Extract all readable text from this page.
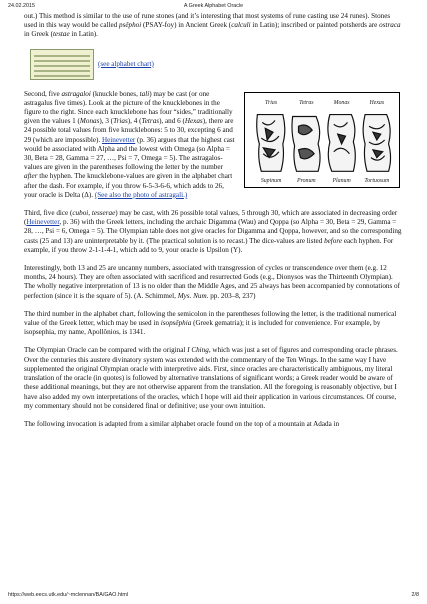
24.02.2015	A Greek Alphabet Oracle

out.) This method is similar to the use of rune stones (and it’s interesting that most systems of rune casting use 24 runes). Stones used in this way would be called psêphoi (PSAY-foy) in Ancient Greek (calculi in Latin); inscribed or painted potsherds are ostraca in Greek (testae in Latin).

(see alphabet chart)
Trias	Tetras	Monas	Hexas
Supinum	Pronum	Planum Tortuosum

Second, five astragaloi (knuckle bones, tali) may be cast (or one astragalus five times). Look at the picture of the knucklebones in the figure to the right. Since each knucklebone has four “sides,” traditionally given the values 1 (Monas), 3 (Trias), 4 (Tetras), and 6 (Hexas), there are 24 possible total values from five knucklebones: 5 to 30, excepting 6 and 29 (which are impossible). Heinevetter (p. 36) argues that the highest cast would be associated with Alpha and the lowest with Omega (so Alpha = 30, Beta = 28, Gamma = 27, …, Psi = 7, Omega = 5). The astragalos-values are given in the parentheses following the letter by the number after the hyphen. The knucklebone-values are given in the alphabet chart after the dash. For example, if you throw 6-5-3-6-6, which adds to 26, your oracle is Delta (Δ). (See also the photo of astragali.)

Third, five dice (cuboi, tesserae) may be cast, with 26 possible total values, 5 through 30, which are associated in decreasing order (Heinevetter, p. 36) with the Greek letters, including the archaic Digamma (Wau) and Qoppa (so Alpha = 30, Beta = 29, Gamma = 28, …, Psi = 6, Omega = 5). The Olympian table does not give oracles for Digamma and Qoppa, however, and so the corresponding casts (25 and 13) are uninterpretable by it. (The practical solution is to recast.) The dice-values are listed before each hyphen. For example, if you throw 2-1-1-4-1, which add to 9, your oracle is Upsilon (Υ).

Interestingly, both 13 and 25 are uncanny numbers, associated with transgression of cycles or transcendence over them (e.g. 12 months, 24 hours). They are often associated with sacrificed and resurrected Gods (e.g., Dionysos was the Thirteenth Olympian). The wholly negative interpretation of 13 is no older than the Middle Ages, and 25 always has been accompanied by connotations of perfection (since it is the square of 5). (A. Schimmel, Mys. Num. pp. 203–8, 237)

The third number in the alphabet chart, following the semicolon in the parentheses following the letter, is the traditional numerical value of the Greek letter, which may be used in isopsêphia (Greek gematria); it is included for convenience. For example, by isopsephia, my name, Apollônios, is 1341.

The Olympian Oracle can be compared with the original I Ching, which was just a set of figures and corresponding oracle phrases. Over the centuries this austere divinatory system was extended with the commentary of the Ten Wings. In the same way I have supplemented the original Olympian oracle with interpretive aids. First, since oracles are characteristically ambiguous, my literal translation of the oracle (in quotes) is followed by alternative translations of significant words; a Greek reader would be aware of these additional meanings, but they are not otherwise apparent from the translation. All the foregoing is reasonably objective, but I have also added my own interpretations of the oracles, which I hope will aid their application in various circumstances. Of course, my commentary should not be considered final or definitive; use your own intuition.

The following invocation is adapted from a similar alphabet oracle found on the top of a mountain at Adada in

https://web.eecs.utk.edu/~mclennan/BA/GAO.html	2/8
